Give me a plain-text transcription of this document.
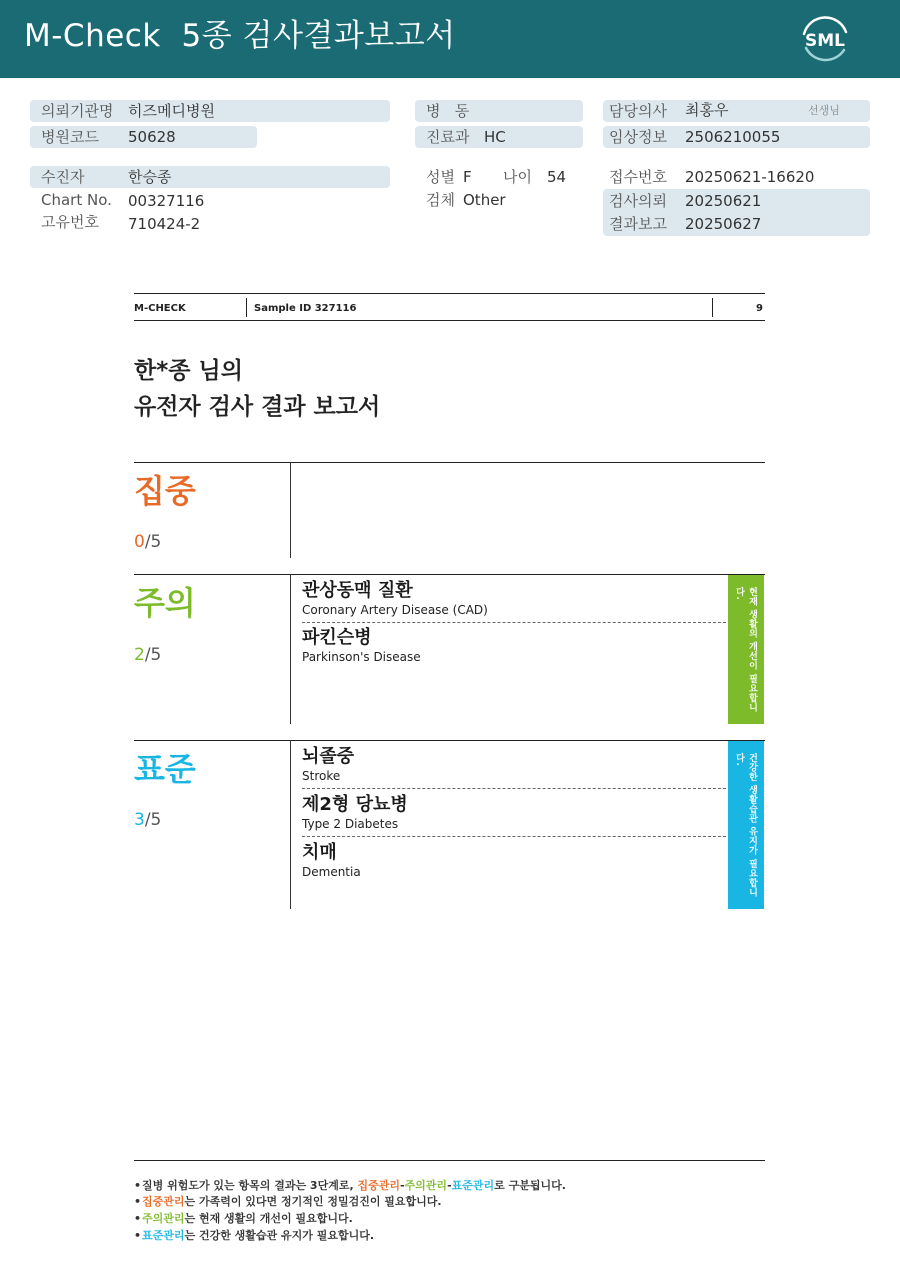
M-Check  5종 검사결과보고서	SML
의뢰기관명 히즈메디병원
병원코드 50628
수진자	한승종
Chart No. 00327116
고유번호 710424-2
병   동
진료과 HC
성별 F 나이 54
검체 Other
담당의사 최홍우	선생님
임상정보 2506210055
접수번호 20250621-16620
검사의뢰 20250621
결과보고 20250627
M-CHECK	Sample ID 327116	9
한*종 님의
유전자 검사 결과 보고서
집중
0/5
주의
2/5
관상동맥 질환
Coronary Artery Disease (CAD)
파킨슨병
Parkinson's Disease	현재 생활의 개선이 필요합니다.
표준
3/5
뇌졸중
Stroke
제2형 당뇨병
Type 2 Diabetes
치매
Dementia	건강한 생활습관 유지가 필요합니다.
•질병 위험도가 있는 항목의 결과는 3단계로, 집중관리-주의관리-표준관리로 구분됩니다.
•집중관리는 가족력이 있다면 정기적인 정밀검진이 필요합니다.
•주의관리는 현재 생활의 개선이 필요합니다.
•표준관리는 건강한 생활습관 유지가 필요합니다.
